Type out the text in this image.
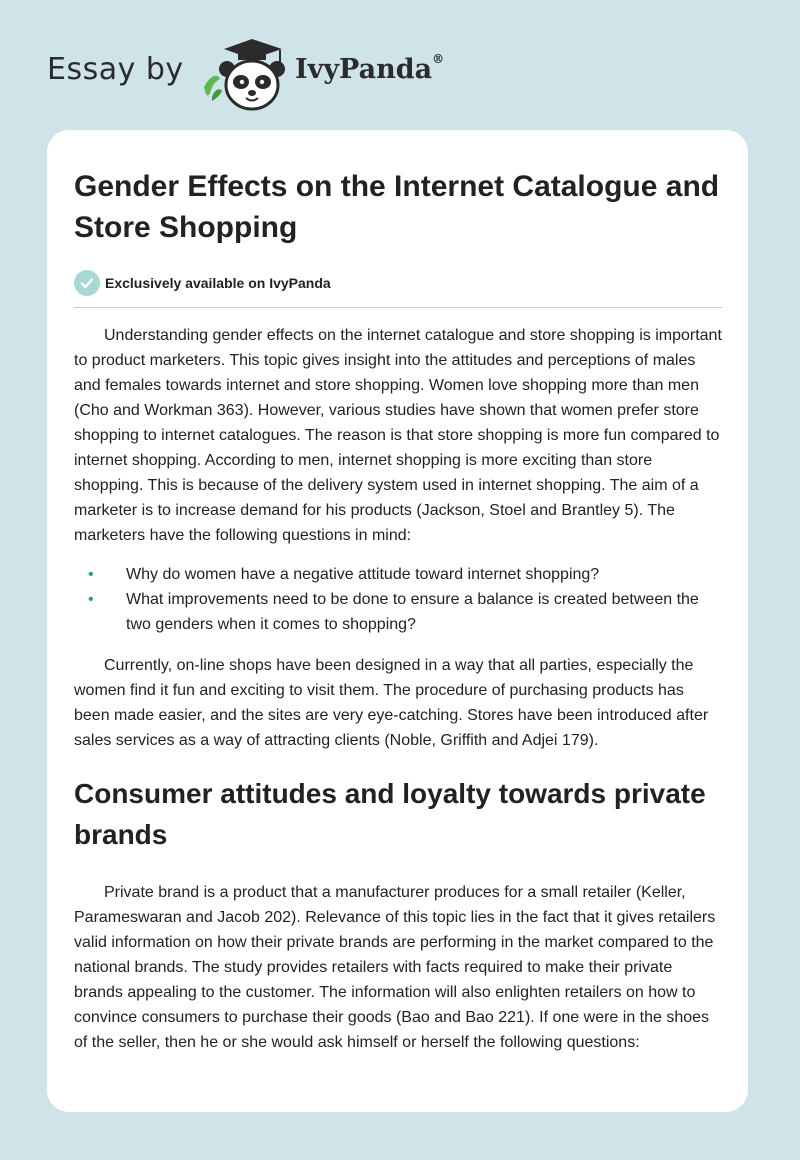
Essay by	IvyPanda®
Gender Effects on the Internet Catalogue and Store Shopping
Exclusively available on IvyPanda

Understanding gender effects on the internet catalogue and store shopping is important to product marketers. This topic gives insight into the attitudes and perceptions of males and females towards internet and store shopping. Women love shopping more than men (Cho and Workman 363). However, various studies have shown that women prefer store shopping to internet catalogues. The reason is that store shopping is more fun compared to internet shopping. According to men, internet shopping is more exciting than store shopping. This is because of the delivery system used in internet shopping. The aim of a marketer is to increase demand for his products (Jackson, Stoel and Brantley 5). The marketers have the following questions in mind:

• Why do women have a negative attitude toward internet shopping?
• What improvements need to be done to ensure a balance is created between the two genders when it comes to shopping?

Currently, on-line shops have been designed in a way that all parties, especially the women find it fun and exciting to visit them. The procedure of purchasing products has been made easier, and the sites are very eye-catching. Stores have been introduced after sales services as a way of attracting clients (Noble, Griffith and Adjei 179).

Consumer attitudes and loyalty towards private brands

Private brand is a product that a manufacturer produces for a small retailer (Keller, Parameswaran and Jacob 202). Relevance of this topic lies in the fact that it gives retailers valid information on how their private brands are performing in the market compared to the national brands. The study provides retailers with facts required to make their private brands appealing to the customer. The information will also enlighten retailers on how to convince consumers to purchase their goods (Bao and Bao 221). If one were in the shoes of the seller, then he or she would ask himself or herself the following questions:
